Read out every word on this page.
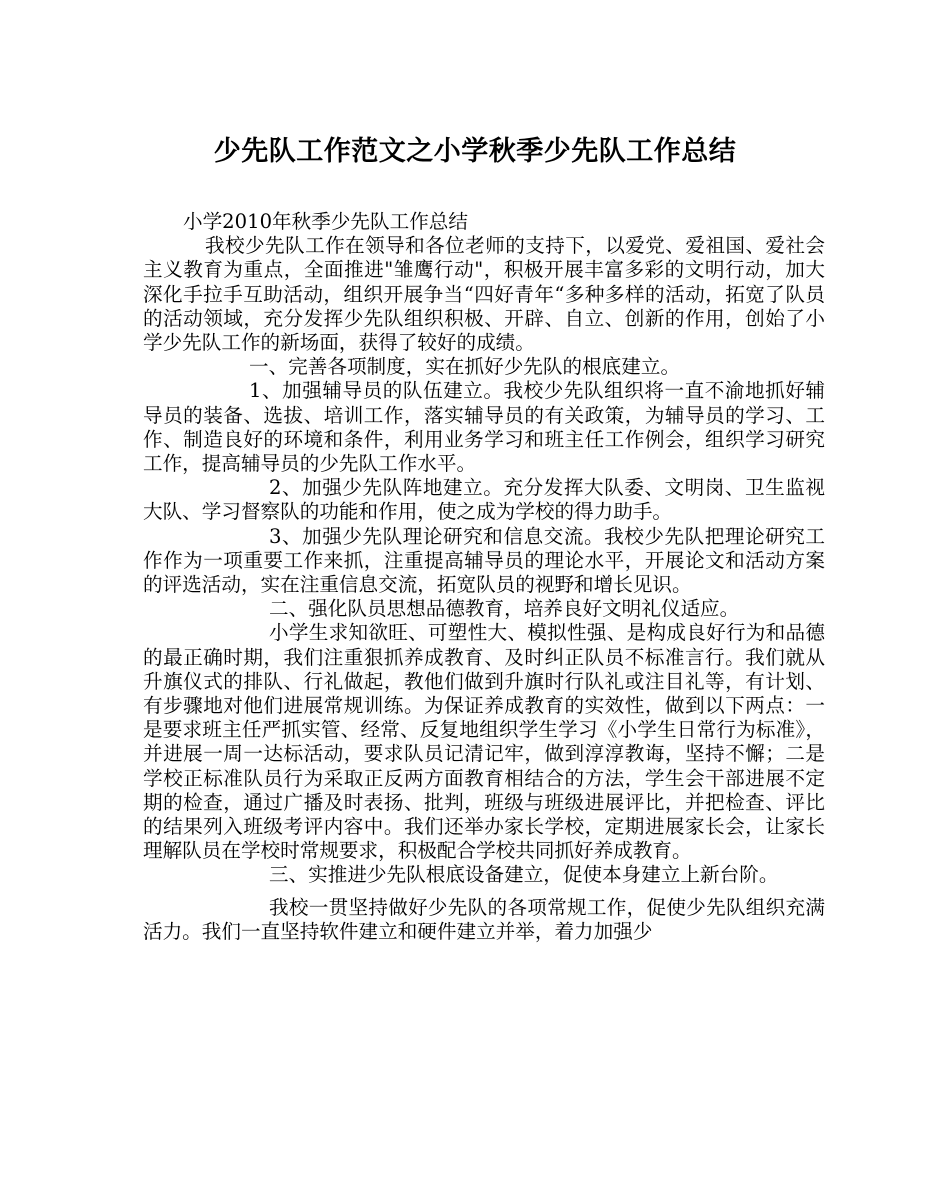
少先队工作范文之小学秋季少先队工作总结

小学2010年秋季少先队工作总结

我校少先队工作在领导和各位老师的支持下，以爱党、爱祖国、爱社会主义教育为重点，全面推进"雏鹰行动"，积极开展丰富多彩的文明行动，加大深化手拉手互助活动，组织开展争当“四好青年“多种多样的活动，拓宽了队员的活动领域，充分发挥少先队组织积极、开辟、自立、创新的作用，创始了小学少先队工作的新场面，获得了较好的成绩。

一、完善各项制度，实在抓好少先队的根底建立。

1、加强辅导员的队伍建立。我校少先队组织将一直不渝地抓好辅导员的装备、选拔、培训工作，落实辅导员的有关政策，为辅导员的学习、工作、制造良好的环境和条件，利用业务学习和班主任工作例会，组织学习研究工作，提高辅导员的少先队工作水平。

2、加强少先队阵地建立。充分发挥大队委、文明岗、卫生监视大队、学习督察队的功能和作用，使之成为学校的得力助手。

3、加强少先队理论研究和信息交流。我校少先队把理论研究工作作为一项重要工作来抓，注重提高辅导员的理论水平，开展论文和活动方案的评选活动，实在注重信息交流，拓宽队员的视野和增长见识。

二、强化队员思想品德教育，培养良好文明礼仪适应。

小学生求知欲旺、可塑性大、模拟性强、是构成良好行为和品德的最正确时期，我们注重狠抓养成教育、及时纠正队员不标准言行。我们就从升旗仪式的排队、行礼做起，教他们做到升旗时行队礼或注目礼等，有计划、有步骤地对他们进展常规训练。为保证养成教育的实效性，做到以下两点：一是要求班主任严抓实管、经常、反复地组织学生学习《小学生日常行为标准》，并进展一周一达标活动，要求队员记清记牢，做到淳淳教诲，坚持不懈；二是学校正标准队员行为采取正反两方面教育相结合的方法，学生会干部进展不定期的检查，通过广播及时表扬、批判，班级与班级进展评比，并把检查、评比的结果列入班级考评内容中。我们还举办家长学校，定期进展家长会，让家长理解队员在学校时常规要求，积极配合学校共同抓好养成教育。

三、实推进少先队根底设备建立，促使本身建立上新台阶。

我校一贯坚持做好少先队的各项常规工作，促使少先队组织充满活力。我们一直坚持软件建立和硬件建立并举，着力加强少
